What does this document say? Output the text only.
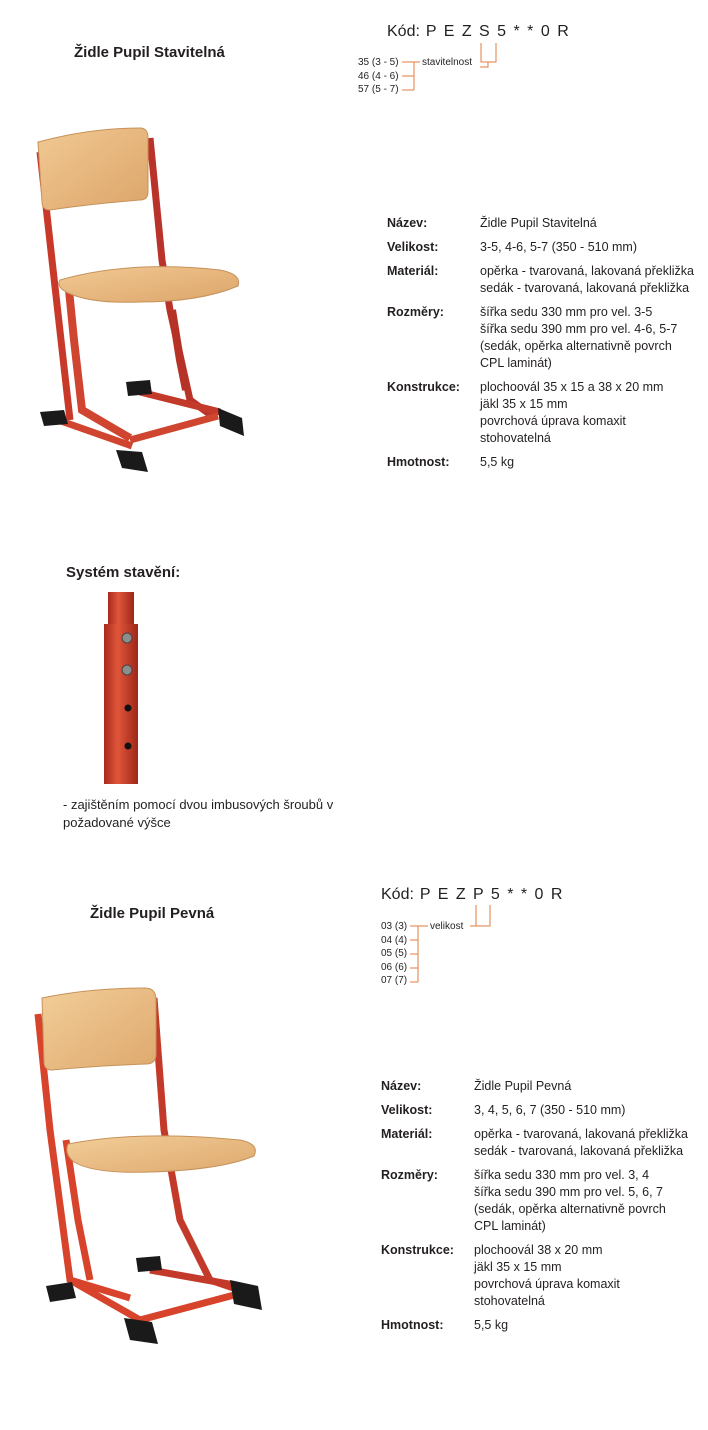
Židle Pupil Stavitelná
Kód: P E Z S 5 * * 0 R
35 (3 - 5)
46 (4 - 6)
57 (5 - 7)
stavitelnost
Název:	Židle Pupil Stavitelná
Velikost:	3-5, 4-6, 5-7 (350 - 510 mm)
Materiál:	opěrka - tvarovaná, lakovaná překližka
sedák - tvarovaná, lakovaná překližka
Rozměry:	šířka sedu 330 mm pro vel. 3-5
šířka sedu 390 mm pro vel. 4-6, 5-7
(sedák, opěrka alternativně povrch
CPL laminát)
Konstrukce:	plochoovál 35 x 15 a 38 x 20 mm
jäkl 35 x 15 mm
povrchová úprava komaxit
stohovatelná
Hmotnost:	5,5 kg
Systém stavění:
- zajištěním pomocí dvou imbusových šroubů v požadované výšce
Židle Pupil Pevná
Kód: P E Z P 5 * * 0 R
03 (3)
04 (4)
05 (5)
06 (6)
07 (7)
velikost
Název:	Židle Pupil Pevná
Velikost:	3, 4, 5, 6, 7 (350 - 510 mm)
Materiál:	opěrka - tvarovaná, lakovaná překližka
sedák - tvarovaná, lakovaná překližka
Rozměry:	šířka sedu 330 mm pro vel. 3, 4
šířka sedu 390 mm pro vel. 5, 6, 7
(sedák, opěrka alternativně povrch
CPL laminát)
Konstrukce:	plochoovál 38 x 20 mm
jäkl 35 x 15 mm
povrchová úprava komaxit
stohovatelná
Hmotnost:	5,5 kg
